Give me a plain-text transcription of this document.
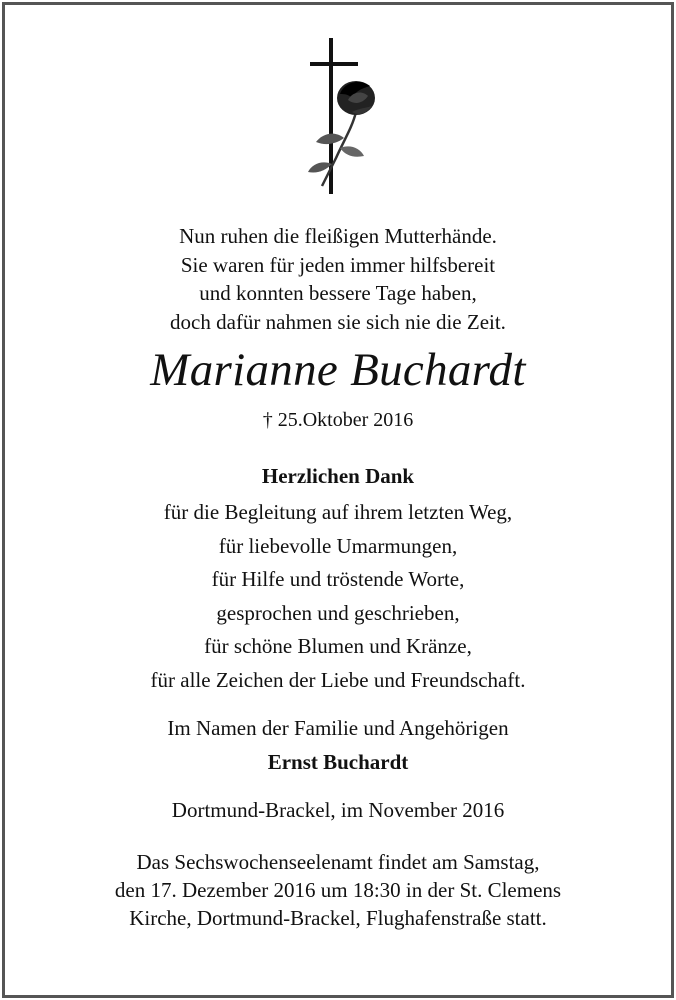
Nun ruhen die fleißigen Mutterhände.
Sie waren für jeden immer hilfsbereit
und konnten bessere Tage haben,
doch dafür nahmen sie sich nie die Zeit.
Marianne Buchardt
† 25.Oktober 2016
Herzlichen Dank
für die Begleitung auf ihrem letzten Weg,
für liebevolle Umarmungen,
für Hilfe und tröstende Worte,
gesprochen und geschrieben,
für schöne Blumen und Kränze,
für alle Zeichen der Liebe und Freundschaft.
Im Namen der Familie und Angehörigen
Ernst Buchardt
Dortmund-Brackel, im November 2016
Das Sechswochenseelenamt findet am Samstag,
den 17. Dezember 2016 um 18:30 in der St. Clemens
Kirche, Dortmund-Brackel, Flughafenstraße statt.
